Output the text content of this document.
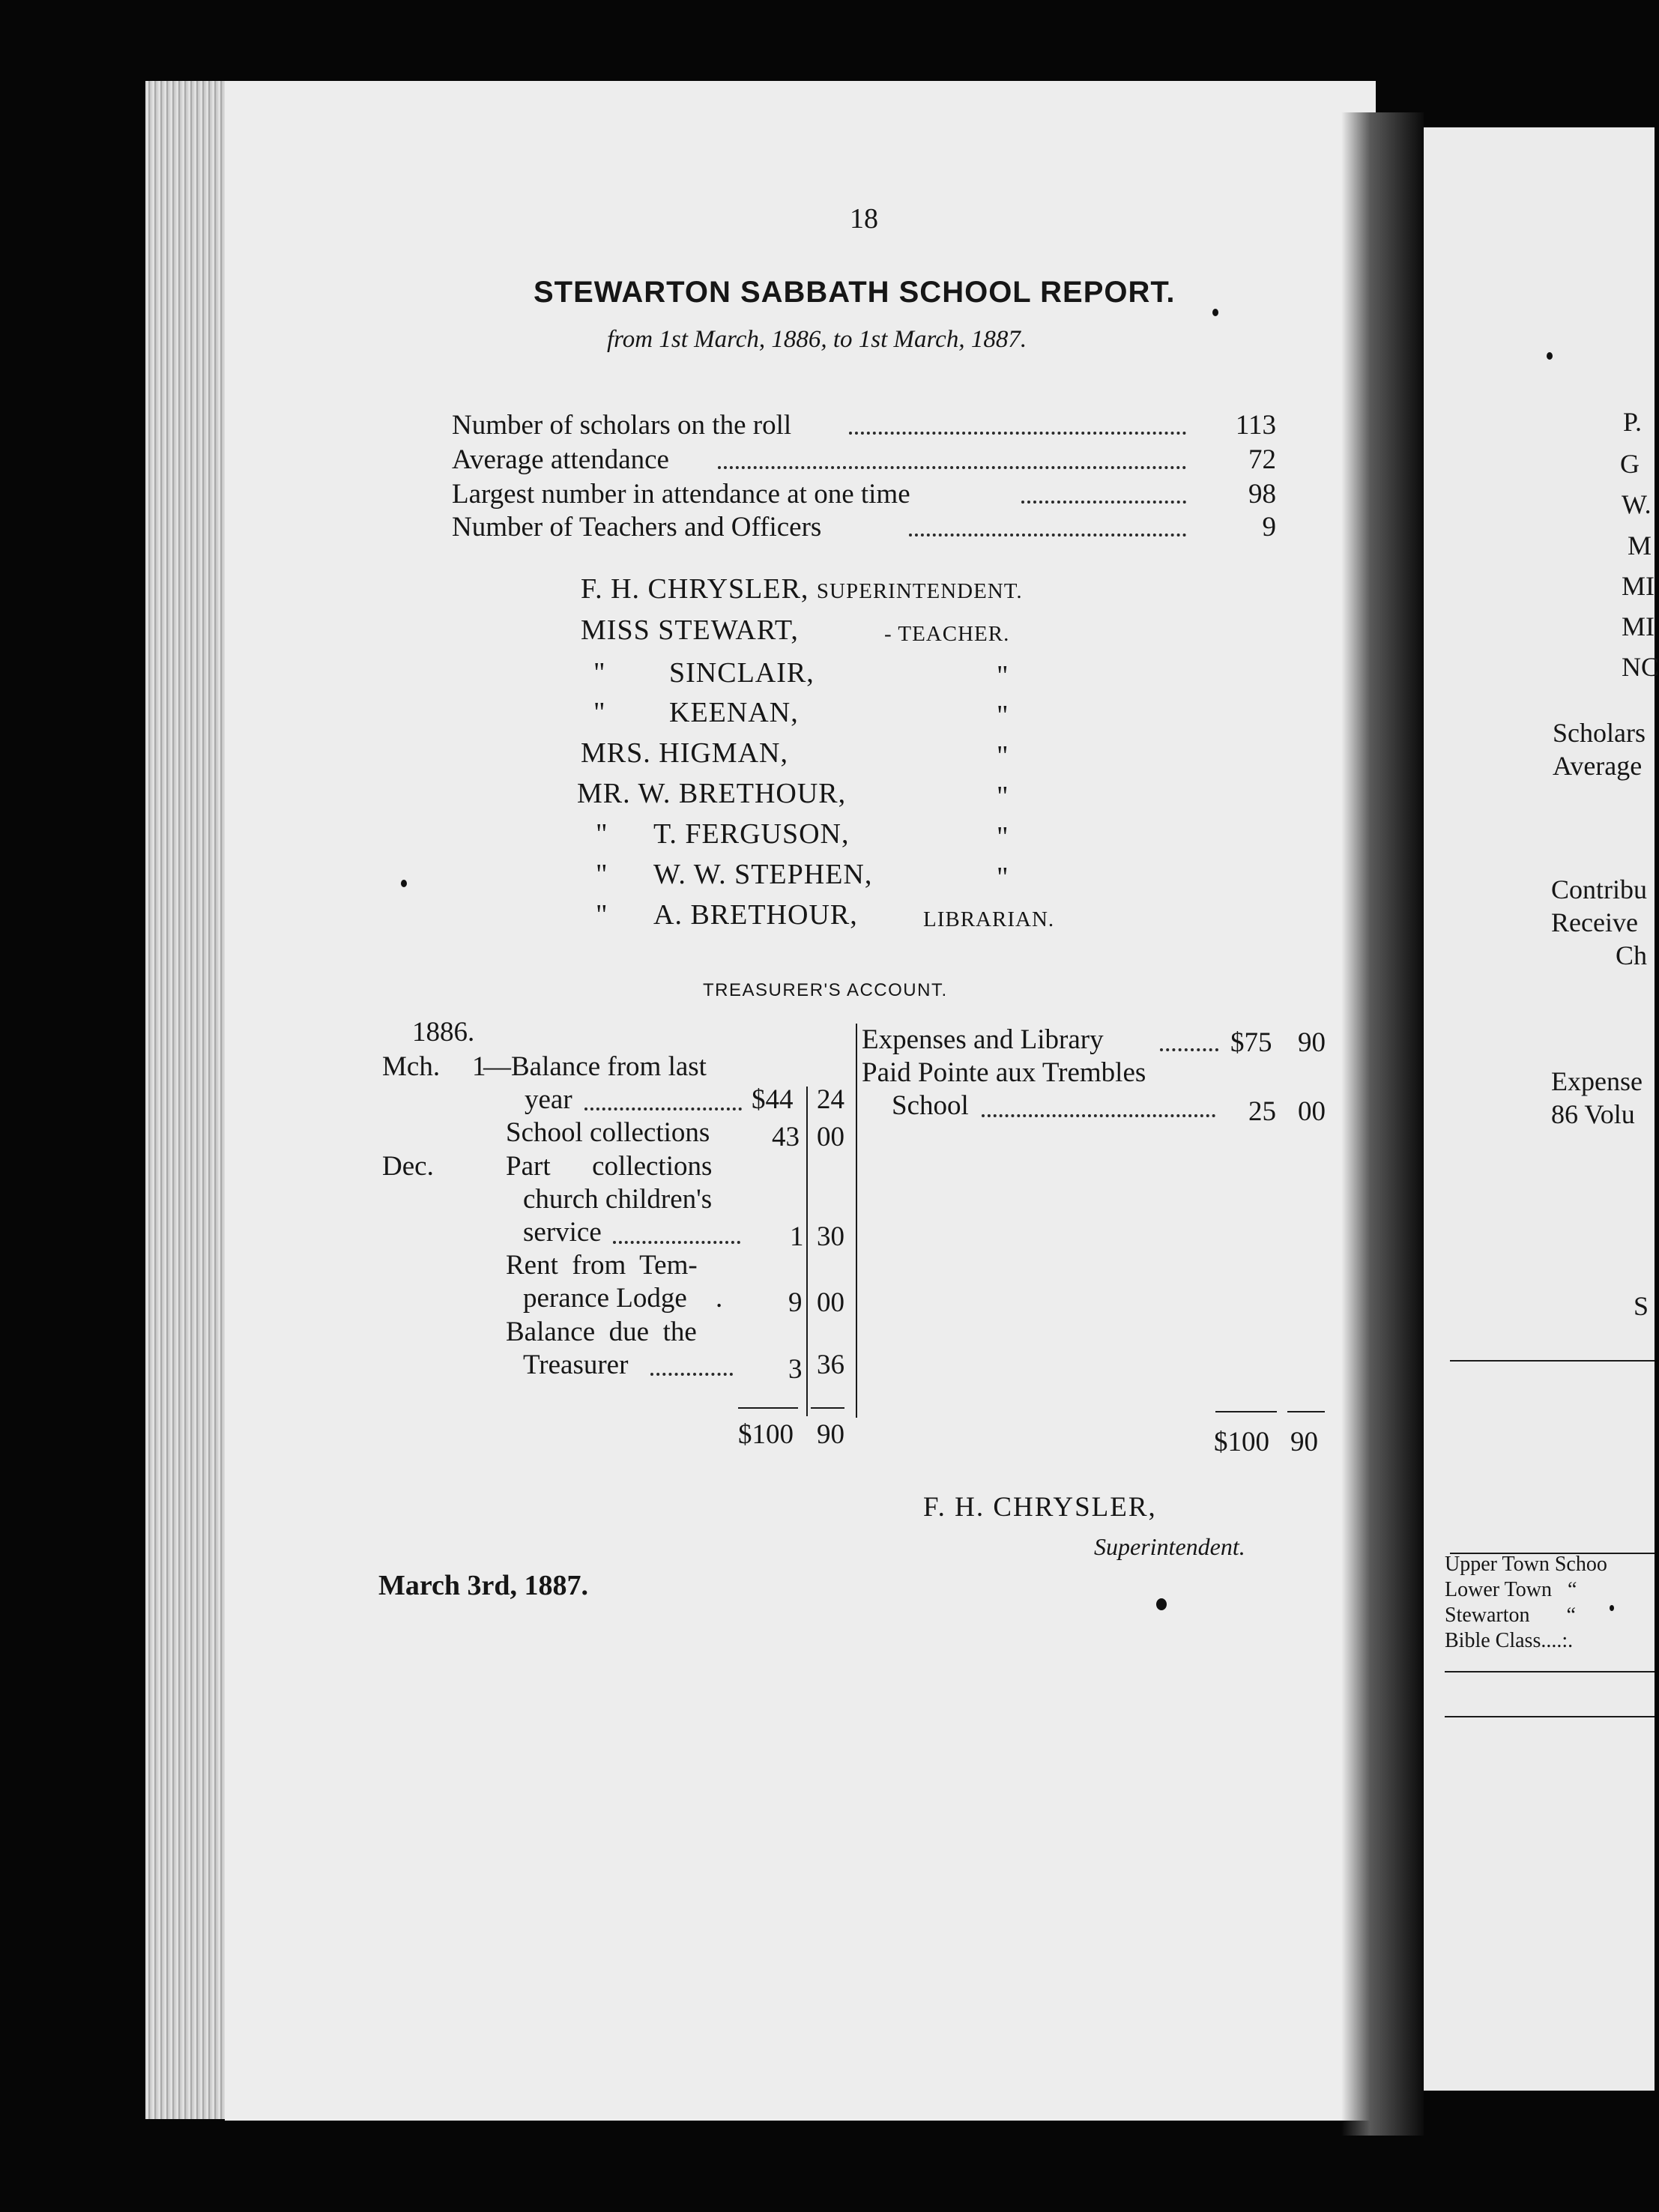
18
STEWARTON SABBATH SCHOOL REPORT.
from 1st March, 1886, to 1st March, 1887.
Number of scholars on the roll	113
Average attendance	72
Largest number in attendance at one time	98
Number of Teachers and Officers	9
F. H. CHRYSLER, SUPERINTENDENT.
MISS STEWART,	- TEACHER.
" SINCLAIR,	"
" KEENAN,	"
MRS. HIGMAN,	"
MR. W. BRETHOUR,	"
" T. FERGUSON,	"
" W. W. STEPHEN,	"
" A. BRETHOUR,	LIBRARIAN.
TREASURER'S ACCOUNT.
1886.
Mch. 1
—Balance from last
year	$44 24
School collections 43 00
Dec.	Part      collections
church children's
service	1 30
Rent  from  Tem-
perance Lodge . 9 00
Balance  due  the
Treasurer	3 36
$100 90
Expenses and Library	$75 90
Paid Pointe aux Trembles
School	25 00
$100 90
F. H. CHRYSLER,
Superintendent.
March 3rd, 1887.
P.
G
W.
M
MI
MI
NC
Scholars
Average
Contribu
Receive
Ch
Expense
86 Volu
S
Upper Town Schoo
Lower Town   “
Stewarton       “
Bible Class....:.
